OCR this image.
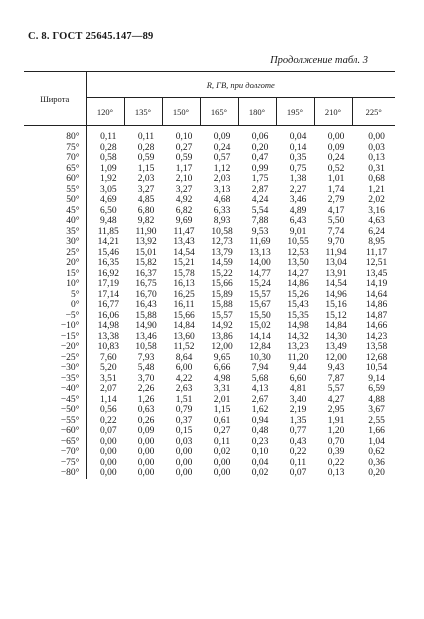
С. 8. ГОСТ 25645.147—89
Продолжение табл. 3
Широта	R, ГВ, при долготе							
	120°	135°	150°	165°	180°	195°	210°	225°
80°	0,11	0,11	0,10	0,09	0,06	0,04	0,00	0,00
75°	0,28	0,28	0,27	0,24	0,20	0,14	0,09	0,03
70°	0,58	0,59	0,59	0,57	0,47	0,35	0,24	0,13
65°	1,09	1,15	1,17	1,12	0,99	0,75	0,52	0,31
60°	1,92	2,03	2,10	2,03	1,75	1,38	1,01	0,68
55°	3,05	3,27	3,27	3,13	2,87	2,27	1,74	1,21
50°	4,69	4,85	4,92	4,68	4,24	3,46	2,79	2,02
45°	6,50	6,80	6,82	6,33	5,54	4,89	4,17	3,16
40°	9,48	9,82	9,69	8,93	7,88	6,43	5,50	4,63
35°	11,85	11,90	11,47	10,58	9,53	9,01	7,74	6,24
30°	14,21	13,92	13,43	12,73	11,69	10,55	9,70	8,95
25°	15,46	15,01	14,54	13,79	13,13	12,53	11,94	11,17
20°	16,35	15,82	15,21	14,59	14,00	13,50	13,04	12,51
15°	16,92	16,37	15,78	15,22	14,77	14,27	13,91	13,45
10°	17,19	16,75	16,13	15,66	15,24	14,86	14,54	14,19
5°	17,14	16,70	16,25	15,89	15,57	15,26	14,96	14,64
0°	16,77	16,43	16,11	15,88	15,67	15,43	15,16	14,86
−5°	16,06	15,88	15,66	15,57	15,50	15,35	15,12	14,87
−10°	14,98	14,90	14,84	14,92	15,02	14,98	14,84	14,66
−15°	13,38	13,46	13,60	13,86	14,14	14,32	14,30	14,23
−20°	10,83	10,58	11,52	12,00	12,84	13,23	13,49	13,58
−25°	7,60	7,93	8,64	9,65	10,30	11,20	12,00	12,68
−30°	5,20	5,48	6,00	6,66	7,94	9,44	9,43	10,54
−35°	3,51	3,70	4,22	4,98	5,68	6,60	7,87	9,14
−40°	2,07	2,26	2,63	3,31	4,13	4,81	5,57	6,59
−45°	1,14	1,26	1,51	2,01	2,67	3,40	4,27	4,88
−50°	0,56	0,63	0,79	1,15	1,62	2,19	2,95	3,67
−55°	0,22	0,26	0,37	0,61	0,94	1,35	1,91	2,55
−60°	0,07	0,09	0,15	0,27	0,48	0,77	1,20	1,66
−65°	0,00	0,00	0,03	0,11	0,23	0,43	0,70	1,04
−70°	0,00	0,00	0,00	0,02	0,10	0,22	0,39	0,62
−75°	0,00	0,00	0,00	0,00	0,04	0,11	0,22	0,36
−80°	0,00	0,00	0,00	0,00	0,02	0,07	0,13	0,20
